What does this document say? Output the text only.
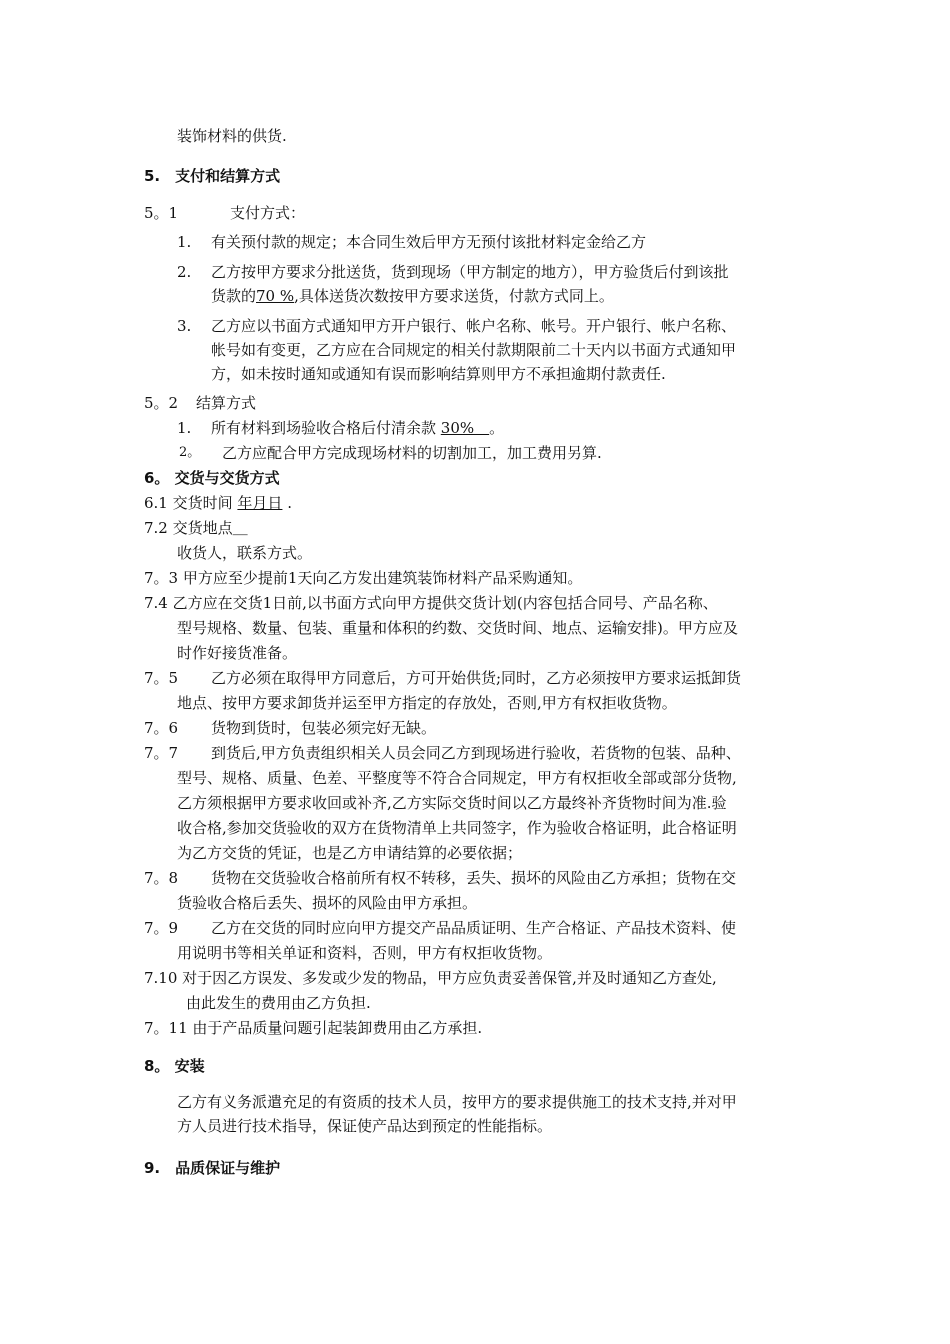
装饰材料的供货.
5.　支付和结算方式
5。1	支付方式：
1. 有关预付款的规定；本合同生效后甲方无预付该批材料定金给乙方
2. 乙方按甲方要求分批送货，货到现场（甲方制定的地方），甲方验货后付到该批
货款的70 %,具体送货次数按甲方要求送货，付款方式同上。
3. 乙方应以书面方式通知甲方开户银行、帐户名称、帐号。开户银行、帐户名称、
帐号如有变更，乙方应在合同规定的相关付款期限前二十天内以书面方式通知甲
方，如未按时通知或通知有误而影响结算则甲方不承担逾期付款责任.
5。2 结算方式
1. 所有材料到场验收合格后付清余款 30%　。
2。 乙方应配合甲方完成现场材料的切割加工，加工费用另算.
6。 交货与交货方式
6.1 交货时间 年月日 .
7.2 交货地点＿
收货人，联系方式。
7。3 甲方应至少提前1天向乙方发出建筑装饰材料产品采购通知。
7.4 乙方应在交货1日前,以书面方式向甲方提供交货计划(内容包括合同号、产品名称、
型号规格、数量、包装、重量和体积的约数、交货时间、地点、运输安排)。甲方应及
时作好接货准备。
7。5 乙方必须在取得甲方同意后，方可开始供货;同时，乙方必须按甲方要求运抵卸货
地点、按甲方要求卸货并运至甲方指定的存放处，否则,甲方有权拒收货物。
7。6 货物到货时，包装必须完好无缺。
7。7 到货后,甲方负责组织相关人员会同乙方到现场进行验收，若货物的包装、品种、
型号、规格、质量、色差、平整度等不符合合同规定，甲方有权拒收全部或部分货物,
乙方须根据甲方要求收回或补齐,乙方实际交货时间以乙方最终补齐货物时间为准.验
收合格,参加交货验收的双方在货物清单上共同签字，作为验收合格证明，此合格证明
为乙方交货的凭证，也是乙方申请结算的必要依据；
7。8 货物在交货验收合格前所有权不转移，丢失、损坏的风险由乙方承担；货物在交
货验收合格后丢失、损坏的风险由甲方承担。
7。9 乙方在交货的同时应向甲方提交产品品质证明、生产合格证、产品技术资料、使
用说明书等相关单证和资料，否则，甲方有权拒收货物。
7.10 对于因乙方误发、多发或少发的物品，甲方应负责妥善保管,并及时通知乙方查处,
由此发生的费用由乙方负担.
7。11 由于产品质量问题引起装卸费用由乙方承担.
8。 安装
乙方有义务派遣充足的有资质的技术人员，按甲方的要求提供施工的技术支持,并对甲
方人员进行技术指导，保证使产品达到预定的性能指标。
9.　品质保证与维护
